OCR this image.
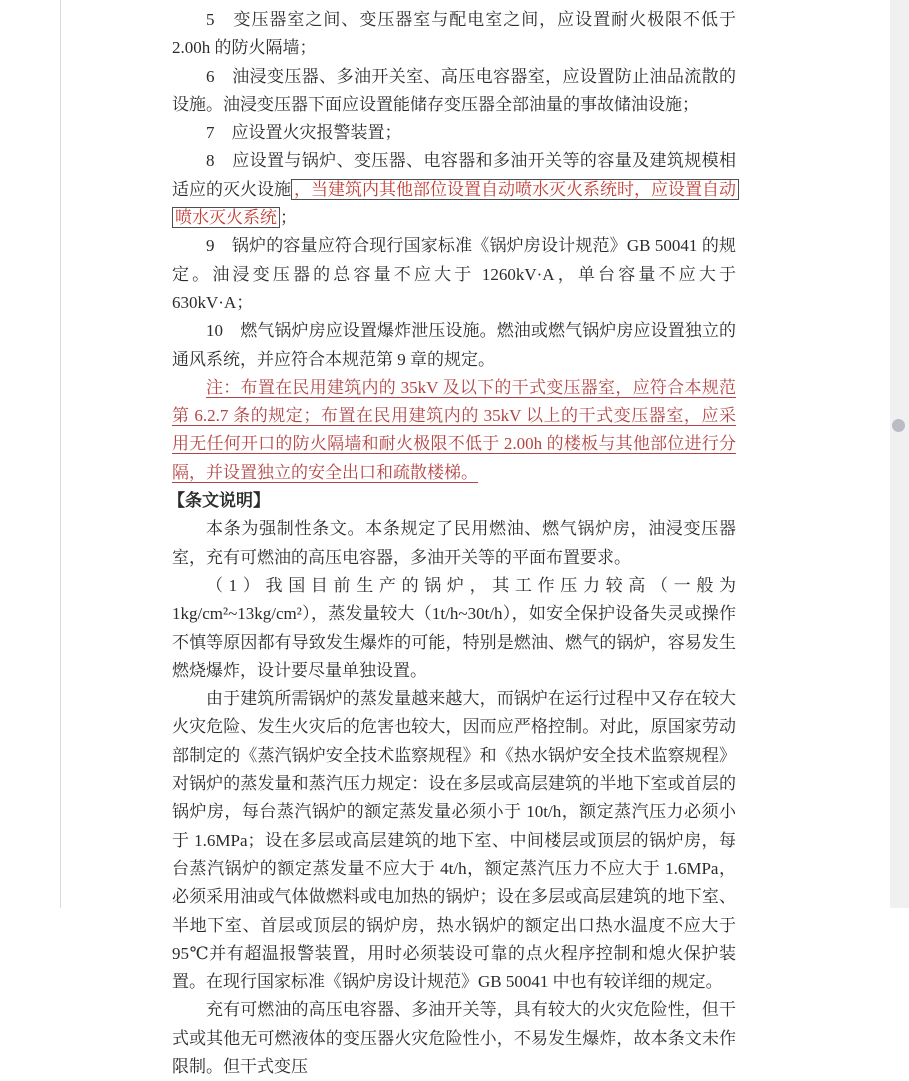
5　变压器室之间、变压器室与配电室之间，应设置耐火极限不低于 2.00h 的防火隔墙；

6　油浸变压器、多油开关室、高压电容器室，应设置防止油品流散的设施。油浸变压器下面应设置能储存变压器全部油量的事故储油设施；

7　应设置火灾报警装置；

8　应设置与锅炉、变压器、电容器和多油开关等的容量及建筑规模相适应的灭火设施 ，当建筑内其他部位设置自动喷水灭火系统时，应设置自动喷水灭火系统 ；

9　锅炉的容量应符合现行国家标准《锅炉房设计规范》GB 50041 的规定。油浸变压器的总容量不应大于 1260kV·A，单台容量不应大于 630kV·A；

10　燃气锅炉房应设置爆炸泄压设施。燃油或燃气锅炉房应设置独立的通风系统，并应符合本规范第 9 章的规定。

注：布置在民用建筑内的 35kV 及以下的干式变压器室，应符合本规范第 6.2.7 条的规定；布置在民用建筑内的 35kV 以上的干式变压器室，应采用无任何开口的防火隔墙和耐火极限不低于 2.00h 的楼板与其他部位进行分隔，并设置独立的安全出口和疏散楼梯。

【条文说明】

本条为强制性条文。本条规定了民用燃油、燃气锅炉房，油浸变压器室，充有可燃油的高压电容器，多油开关等的平面布置要求。

（1）我国目前生产的锅炉，其工作压力较高（一般为 1kg/cm²~13kg/cm²），蒸发量较大（1t/h~30t/h），如安全保护设备失灵或操作不慎等原因都有导致发生爆炸的可能，特别是燃油、燃气的锅炉，容易发生燃烧爆炸，设计要尽量单独设置。

由于建筑所需锅炉的蒸发量越来越大，而锅炉在运行过程中又存在较大火灾危险、发生火灾后的危害也较大，因而应严格控制。对此，原国家劳动部制定的《蒸汽锅炉安全技术监察规程》和《热水锅炉安全技术监察规程》对锅炉的蒸发量和蒸汽压力规定：设在多层或高层建筑的半地下室或首层的锅炉房，每台蒸汽锅炉的额定蒸发量必须小于 10t/h，额定蒸汽压力必须小于 1.6MPa；设在多层或高层建筑的地下室、中间楼层或顶层的锅炉房，每台蒸汽锅炉的额定蒸发量不应大于 4t/h，额定蒸汽压力不应大于 1.6MPa，必须采用油或气体做燃料或电加热的锅炉；设在多层或高层建筑的地下室、半地下室、首层或顶层的锅炉房，热水锅炉的额定出口热水温度不应大于 95℃并有超温报警装置，用时必须装设可靠的点火程序控制和熄火保护装置。在现行国家标准《锅炉房设计规范》GB 50041 中也有较详细的规定。

充有可燃油的高压电容器、多油开关等，具有较大的火灾危险性，但干式或其他无可燃液体的变压器火灾危险性小，不易发生爆炸，故本条文未作限制。但干式变压
